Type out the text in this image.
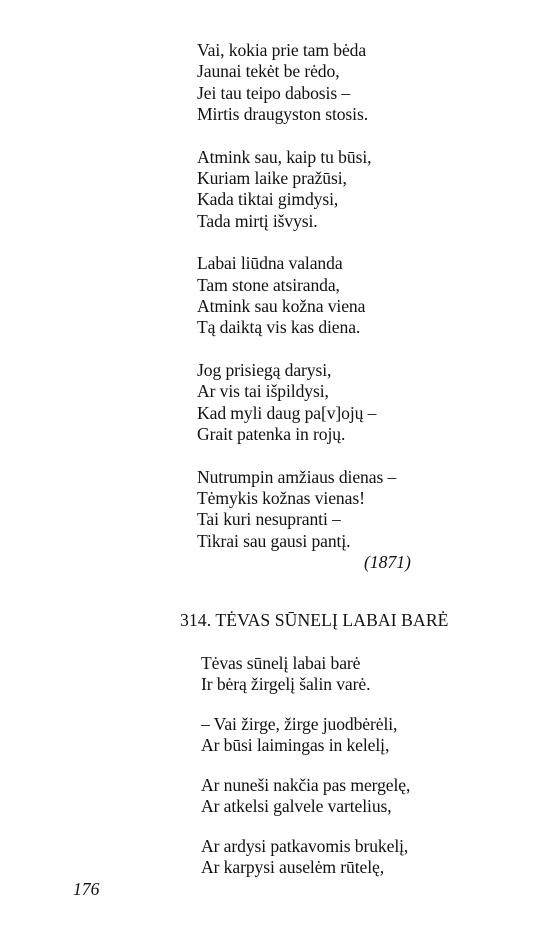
Vai, kokia prie tam bėda
Jaunai tekėt be rėdo,
Jei tau teipo dabosis –
Mirtis draugyston stosis.
Atmink sau, kaip tu būsi,
Kuriam laike pražūsi,
Kada tiktai gimdysi,
Tada mirtį išvysi.
Labai liūdna valanda
Tam stone atsiranda,
Atmink sau kožna viena
Tą daiktą vis kas diena.
Jog prisiegą darysi,
Ar vis tai išpildysi,
Kad myli daug pa[v]ojų –
Grait patenka in rojų.
Nutrumpin amžiaus dienas –
Tėmykis kožnas vienas!
Tai kuri nesupranti –
Tikrai sau gausi pantį.
(1871)
314. TĖVAS SŪNELĮ LABAI BARĖ
Tėvas sūnelį labai barė
Ir bėrą žirgelį šalin varė.
– Vai žirge, žirge juodbėrėli,
Ar būsi laimingas in kelelį,
Ar nuneši nakčia pas mergelę,
Ar atkelsi galvele vartelius,
Ar ardysi patkavomis brukelį,
Ar karpysi auselėm rūtelę,
176
